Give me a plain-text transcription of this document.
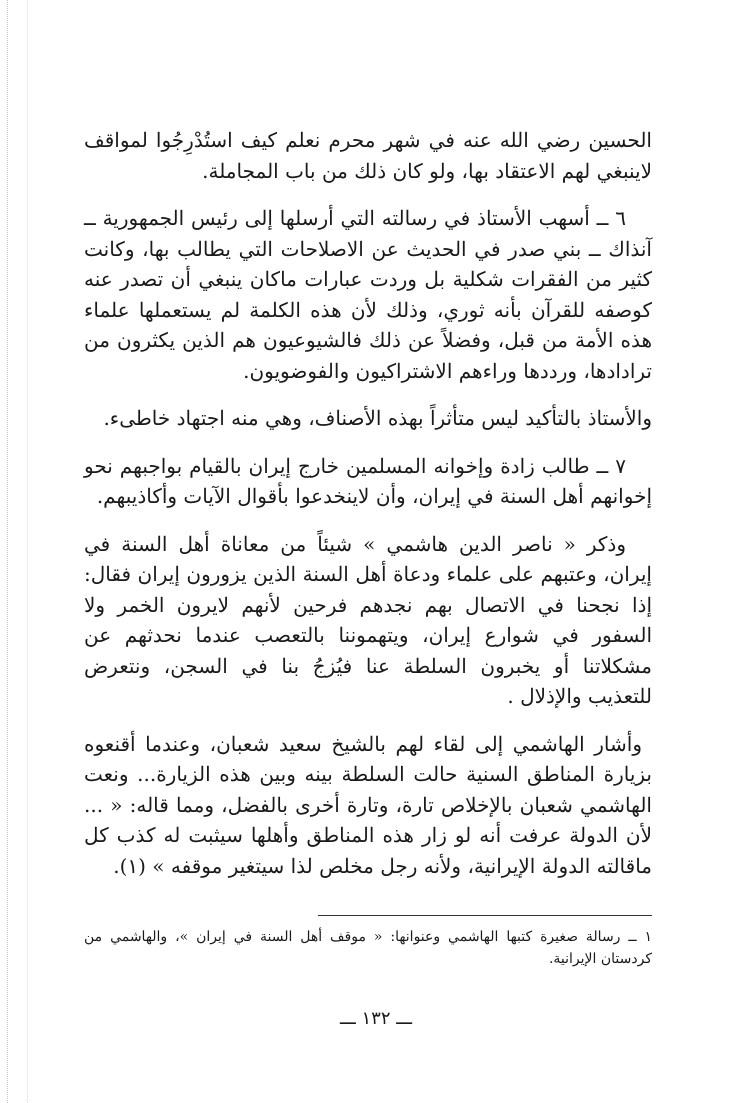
الحسين رضي الله عنه في شهر محرم نعلم كيف استُدْرِجُوا لمواقف لاينبغي لهم الاعتقاد بها، ولو كان ذلك من باب المجاملة.

٦ ــ أسهب الأستاذ في رسالته التي أرسلها إلى رئيس الجمهورية ــ آنذاك ــ بني صدر في الحديث عن الاصلاحات التي يطالب بها، وكانت كثير من الفقرات شكلية بل وردت عبارات ماكان ينبغي أن تصدر عنه كوصفه للقرآن بأنه ثوري، وذلك لأن هذه الكلمة لم يستعملها علماء هذه الأمة من قبل، وفضلاً عن ذلك فالشيوعيون هم الذين يكثرون من ترادادها، ورددها وراءهم الاشتراكيون والفوضويون.

والأستاذ بالتأكيد ليس متأثراً بهذه الأصناف، وهي منه اجتهاد خاطىء.

٧ ــ طالب زادة وإخوانه المسلمين خارج إيران بالقيام بواجبهم نحو إخوانهم أهل السنة في إيران، وأن لاينخدعوا بأقوال الآيات وأكاذيبهم.

وذكر « ناصر الدين هاشمي » شيئاً من معاناة أهل السنة في إيران، وعتبهم على علماء ودعاة أهل السنة الذين يزورون إيران فقال: إذا نجحنا في الاتصال بهم نجدهم فرحين لأنهم لايرون الخمر ولا السفور في شوارع إيران، ويتهموننا بالتعصب عندما نحدثهم عن مشكلاتنا أو يخبرون السلطة عنا فيُزجُ بنا في السجن، ونتعرض للتعذيب والإذلال .

وأشار الهاشمي إلى لقاء لهم بالشيخ سعيد شعبان، وعندما أقنعوه بزيارة المناطق السنية حالت السلطة بينه وبين هذه الزيارة... ونعت الهاشمي شعبان بالإخلاص تارة، وتارة أخرى بالفضل، ومما قاله: « ... لأن الدولة عرفت أنه لو زار هذه المناطق وأهلها سيثبت له كذب كل ماقالته الدولة الإيرانية، ولأنه رجل مخلص لذا سيتغير موقفه » (١).

١ ــ رسالة صغيرة كتبها الهاشمي وعنوانها: « موقف أهل السنة في إيران »، والهاشمي من كردستان الإيرانية.
ـــ ١٣٢ ـــ
